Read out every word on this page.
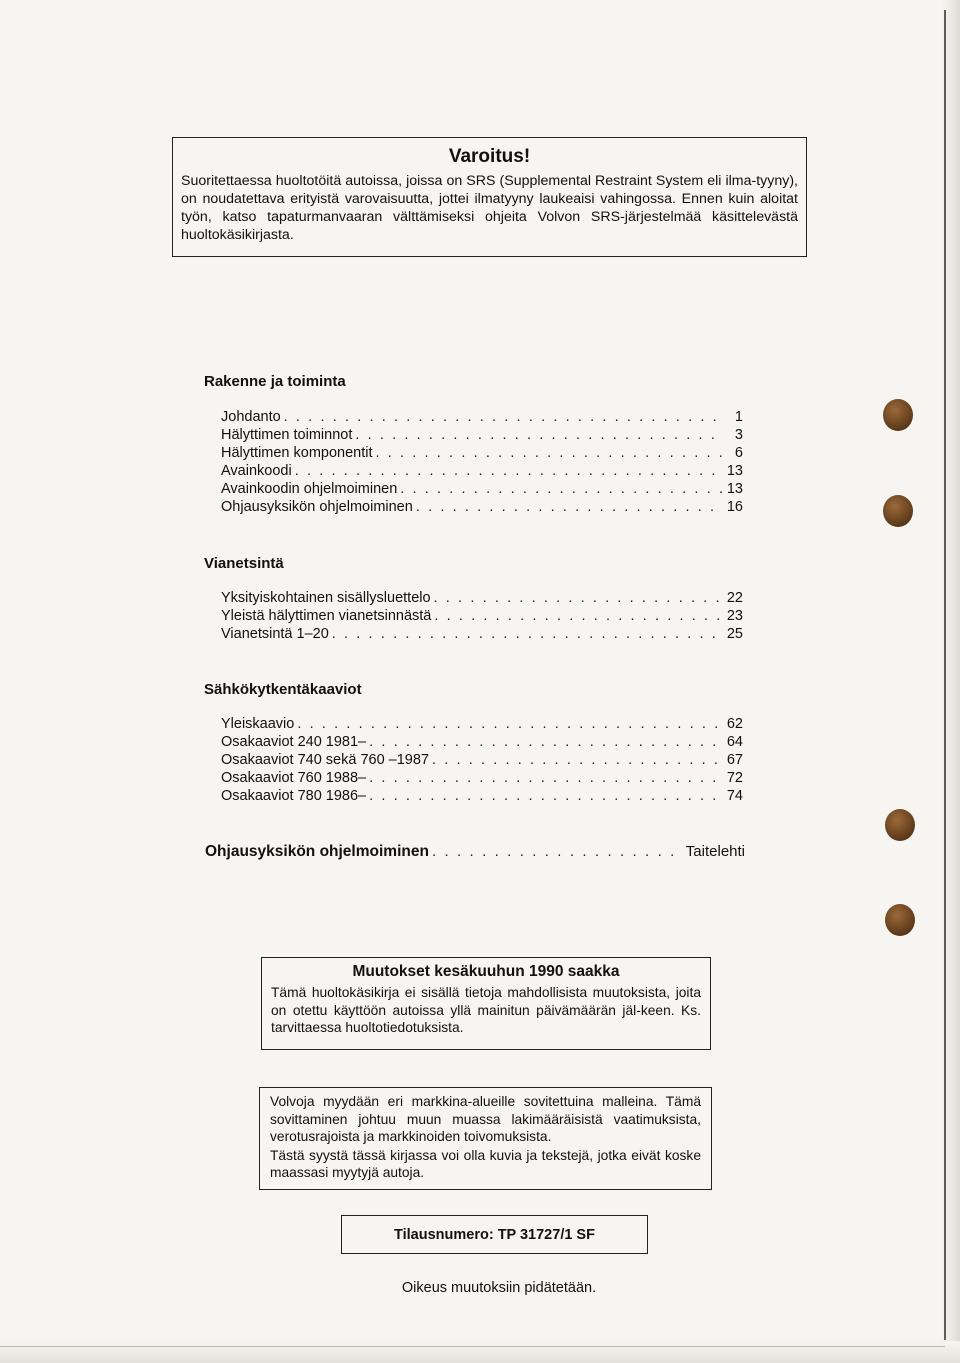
Varoitus!

Suoritettaessa huoltotöitä autoissa, joissa on SRS (Supplemental Restraint System eli ilma-tyyny), on noudatettava erityistä varovaisuutta, jottei ilmatyyny laukeaisi vahingossa. Ennen kuin aloitat työn, katso tapaturmanvaaran välttämiseksi ohjeita Volvon SRS-järjestelmää käsittelevästä huoltokäsikirjasta.

Rakenne ja toiminta
Johdanto . . .	1
Hälyttimen toiminnot . . .	3
Hälyttimen komponentit . . .	6
Avainkoodi . . .	13
Avainkoodin ohjelmoiminen . . .	13
Ohjausyksikön ohjelmoiminen . . .	16
Vianetsintä
Yksityiskohtainen sisällysluettelo . . .	22
Yleistä hälyttimen vianetsinnästä . . .	23
Vianetsintä 1–20 . . .	25
Sähkökytkentäkaaviot
Yleiskaavio . . .	62
Osakaaviot 240 1981– . . .	64
Osakaaviot 740 sekä 760 –1987 . . .	67
Osakaaviot 760 1988– . . .	72
Osakaaviot 780 1986– . . .	74
Ohjausyksikön ohjelmoiminen . . .	Taitelehti

Muutokset kesäkuuhun 1990 saakka

Tämä huoltokäsikirja ei sisällä tietoja mahdollisista muutoksista, joita on otettu käyttöön autoissa yllä mainitun päivämäärän jäl-keen. Ks. tarvittaessa huoltotiedotuksista.

Volvoja myydään eri markkina-alueille sovitettuina malleina. Tämä sovittaminen johtuu muun muassa lakimääräisistä vaatimuksista, verotusrajoista ja markkinoiden toivomuksista.

Tästä syystä tässä kirjassa voi olla kuvia ja tekstejä, jotka eivät koske maassasi myytyjä autoja.

Tilausnumero: TP 31727/1 SF
Oikeus muutoksiin pidätetään.
